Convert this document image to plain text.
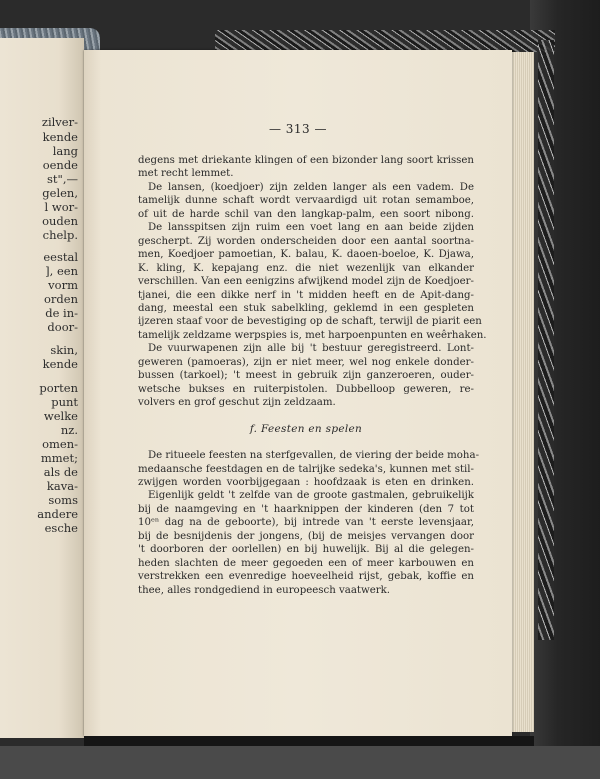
zilver-
kende
lang
oende
st",—
gelen,
l wor-
ouden
chelp.
eestal
], een
vorm
orden
de in-
door-
skin,
kende
porten
punt
welke
nz.
omen-
mmet;
als de
kava-
soms
andere
esche
— 313 —
degens met driekante klingen of een bizonder lang soort krissen
met recht lemmet.
De lansen, (koedjoer) zijn zelden langer als een vadem. De
tamelijk dunne schaft wordt vervaardigd uit rotan semamboe,
of uit de harde schil van den langkap-palm, een soort nibong.
De lansspitsen zijn ruim een voet lang en aan beide zijden
gescherpt. Zij worden onderscheiden door een aantal soortna-
men, Koedjoer pamoetian, K. balau, K. daoen-boeloe, K. Djawa,
K. kling, K. kepajang enz. die niet wezenlijk van elkander
verschillen. Van een eenigzins afwijkend model zijn de Koedjoer-
tjanei, die een dikke nerf in 't midden heeft en de Apit-dang-
dang, meestal een stuk sabelkling, geklemd in een gespleten
ijzeren staaf voor de bevestiging op de schaft, terwijl de piarit een
tamelijk zeldzame werpspies is, met harpoenpunten en weêrhaken.
De vuurwapenen zijn alle bij 't bestuur geregistreerd. Lont-
geweren (pamoeras), zijn er niet meer, wel nog enkele donder-
bussen (tarkoel); 't meest in gebruik zijn ganzeroeren, ouder-
wetsche bukses en ruiterpistolen. Dubbelloop geweren, re-
volvers en grof geschut zijn zeldzaam.
f. Feesten en spelen
De ritueele feesten na sterfgevallen, de viering der beide moha-
medaansche feestdagen en de talrijke sedeka's, kunnen met stil-
zwijgen worden voorbijgegaan : hoofdzaak is eten en drinken.
Eigenlijk geldt 't zelfde van de groote gastmalen, gebruikelijk
bij de naamgeving en 't haarknippen der kinderen (den 7 tot
10ᵉⁿ dag na de geboorte), bij intrede van 't eerste levensjaar,
bij de besnijdenis der jongens, (bij de meisjes vervangen door
't doorboren der oorlellen) en bij huwelijk. Bij al die gelegen-
heden slachten de meer gegoeden een of meer karbouwen en
verstrekken een evenredige hoeveelheid rijst, gebak, koffie en
thee, alles rondgediend in europeesch vaatwerk.
